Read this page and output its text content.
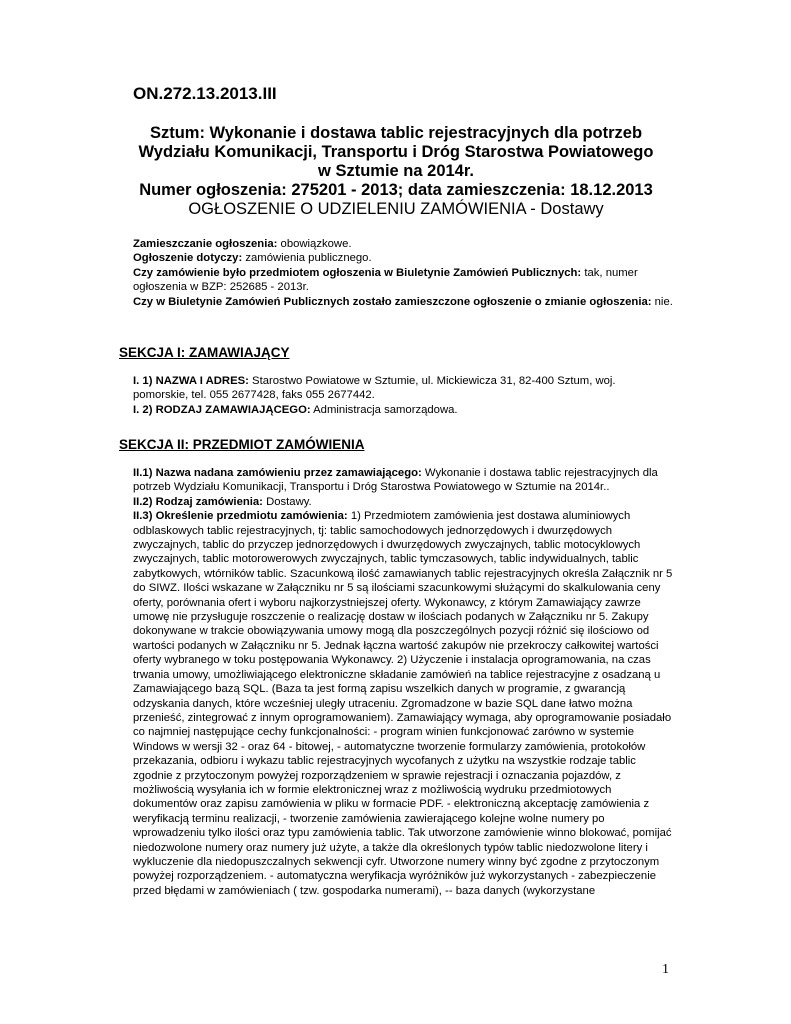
ON.272.13.2013.III

Sztum: Wykonanie i dostawa tablic rejestracyjnych dla potrzeb

Wydziału Komunikacji, Transportu i Dróg Starostwa Powiatowego

w Sztumie na 2014r.

Numer ogłoszenia: 275201 - 2013; data zamieszczenia: 18.12.2013

OGŁOSZENIE O UDZIELENIU ZAMÓWIENIA - Dostawy

Zamieszczanie ogłoszenia: obowiązkowe.

Ogłoszenie dotyczy: zamówienia publicznego.

Czy zamówienie było przedmiotem ogłoszenia w Biuletynie Zamówień Publicznych: tak, numer ogłoszenia w BZP: 252685 - 2013r.

Czy w Biuletynie Zamówień Publicznych zostało zamieszczone ogłoszenie o zmianie ogłoszenia: nie.

SEKCJA I: ZAMAWIAJĄCY

I. 1) NAZWA I ADRES: Starostwo Powiatowe w Sztumie, ul. Mickiewicza 31, 82-400 Sztum, woj. pomorskie, tel. 055 2677428, faks 055 2677442.

I. 2) RODZAJ ZAMAWIAJĄCEGO: Administracja samorządowa.

SEKCJA II: PRZEDMIOT ZAMÓWIENIA

II.1) Nazwa nadana zamówieniu przez zamawiającego: Wykonanie i dostawa tablic rejestracyjnych dla potrzeb Wydziału Komunikacji, Transportu i Dróg Starostwa Powiatowego w Sztumie na 2014r..

II.2) Rodzaj zamówienia: Dostawy.

II.3) Określenie przedmiotu zamówienia: 1) Przedmiotem zamówienia jest dostawa aluminiowych odblaskowych tablic rejestracyjnych, tj: tablic samochodowych jednorzędowych i dwurzędowych zwyczajnych, tablic do przyczep jednorzędowych i dwurzędowych zwyczajnych, tablic motocyklowych zwyczajnych, tablic motorowerowych zwyczajnych, tablic tymczasowych, tablic indywidualnych, tablic zabytkowych, wtórników tablic. Szacunkową ilość zamawianych tablic rejestracyjnych określa Załącznik nr 5 do SIWZ. Ilości wskazane w Załączniku nr 5 są ilościami szacunkowymi służącymi do skalkulowania ceny oferty, porównania ofert i wyboru najkorzystniejszej oferty. Wykonawcy, z którym Zamawiający zawrze umowę nie przysługuje roszczenie o realizację dostaw w ilościach podanych w Załączniku nr 5. Zakupy dokonywane w trakcie obowiązywania umowy mogą dla poszczególnych pozycji różnić się ilościowo od wartości podanych w Załączniku nr 5. Jednak łączna wartość zakupów nie przekroczy całkowitej wartości oferty wybranego w toku postępowania Wykonawcy. 2) Użyczenie i instalacja oprogramowania, na czas trwania umowy, umożliwiającego elektroniczne składanie zamówień na tablice rejestracyjne z osadzaną u Zamawiającego bazą SQL. (Baza ta jest formą zapisu wszelkich danych w programie, z gwarancją odzyskania danych, które wcześniej uległy utraceniu. Zgromadzone w bazie SQL dane łatwo można przenieść, zintegrować z innym oprogramowaniem). Zamawiający wymaga, aby oprogramowanie posiadało co najmniej następujące cechy funkcjonalności: - program winien funkcjonować zarówno w systemie Windows w wersji 32 - oraz 64 - bitowej, - automatyczne tworzenie formularzy zamówienia, protokołów przekazania, odbioru i wykazu tablic rejestracyjnych wycofanych z użytku na wszystkie rodzaje tablic zgodnie z przytoczonym powyżej rozporządzeniem w sprawie rejestracji i oznaczania pojazdów, z możliwością wysyłania ich w formie elektronicznej wraz z możliwością wydruku przedmiotowych dokumentów oraz zapisu zamówienia w pliku w formacie PDF. - elektroniczną akceptację zamówienia z weryfikacją terminu realizacji, - tworzenie zamówienia zawierającego kolejne wolne numery po wprowadzeniu tylko ilości oraz typu zamówienia tablic. Tak utworzone zamówienie winno blokować, pomijać niedozwolone numery oraz numery już użyte, a także dla określonych typów tablic niedozwolone litery i wykluczenie dla niedopuszczalnych sekwencji cyfr. Utworzone numery winny być zgodne z przytoczonym powyżej rozporządzeniem. - automatyczna weryfikacja wyróżników już wykorzystanych - zabezpieczenie przed błędami w zamówieniach ( tzw. gospodarka numerami), -- baza danych (wykorzystane

1
